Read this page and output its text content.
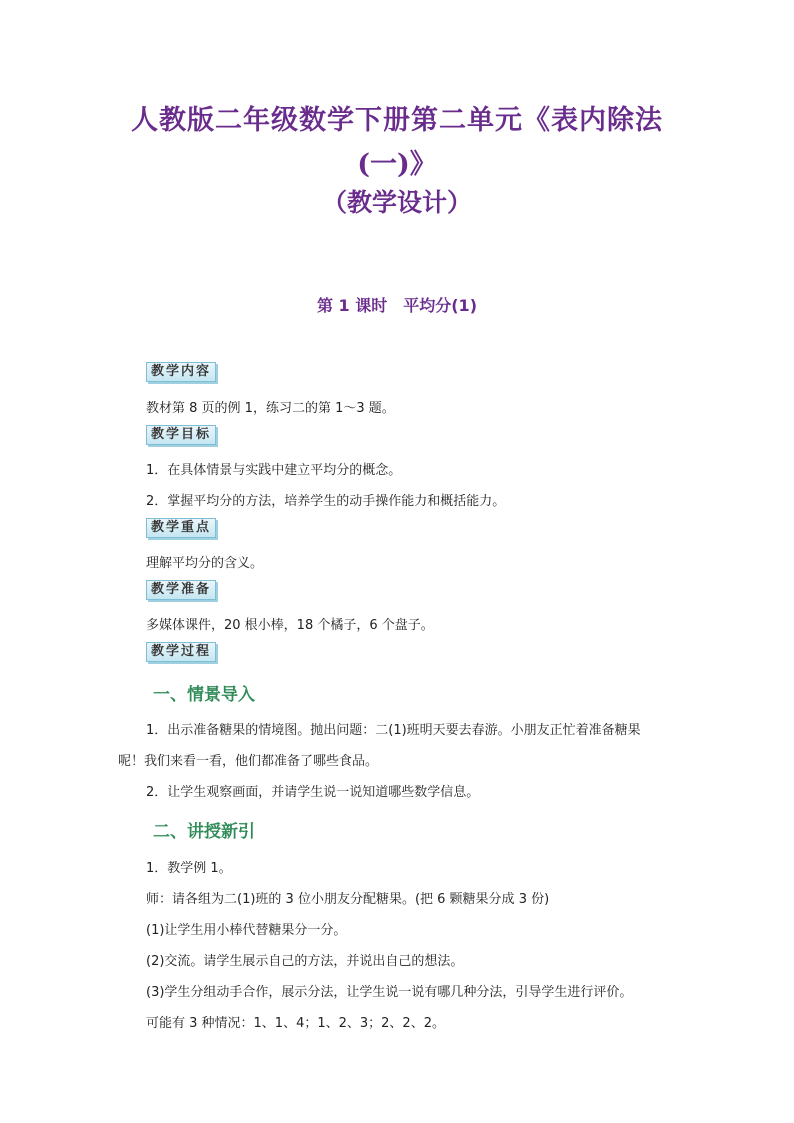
人教版二年级数学下册第二单元《表内除法
(一)》
（教学设计）
第 1 课时　平均分(1)
教学内容
教材第 8 页的例 1，练习二的第 1～3 题。
教学目标
1．在具体情景与实践中建立平均分的概念。
2．掌握平均分的方法，培养学生的动手操作能力和概括能力。
教学重点
理解平均分的含义。
教学准备
多媒体课件，20 根小棒，18 个橘子，6 个盘子。
教学过程
一、情景导入
1．出示准备糖果的情境图。抛出问题：二(1)班明天要去春游。小朋友正忙着准备糖果
呢！我们来看一看，他们都准备了哪些食品。
2．让学生观察画面，并请学生说一说知道哪些数学信息。
二、讲授新引
1．教学例 1。
师：请各组为二(1)班的 3 位小朋友分配糖果。(把 6 颗糖果分成 3 份)
(1)让学生用小棒代替糖果分一分。
(2)交流。请学生展示自己的方法，并说出自己的想法。
(3)学生分组动手合作，展示分法，让学生说一说有哪几种分法，引导学生进行评价。
可能有 3 种情况：1、1、4；1、2、3；2、2、2。
